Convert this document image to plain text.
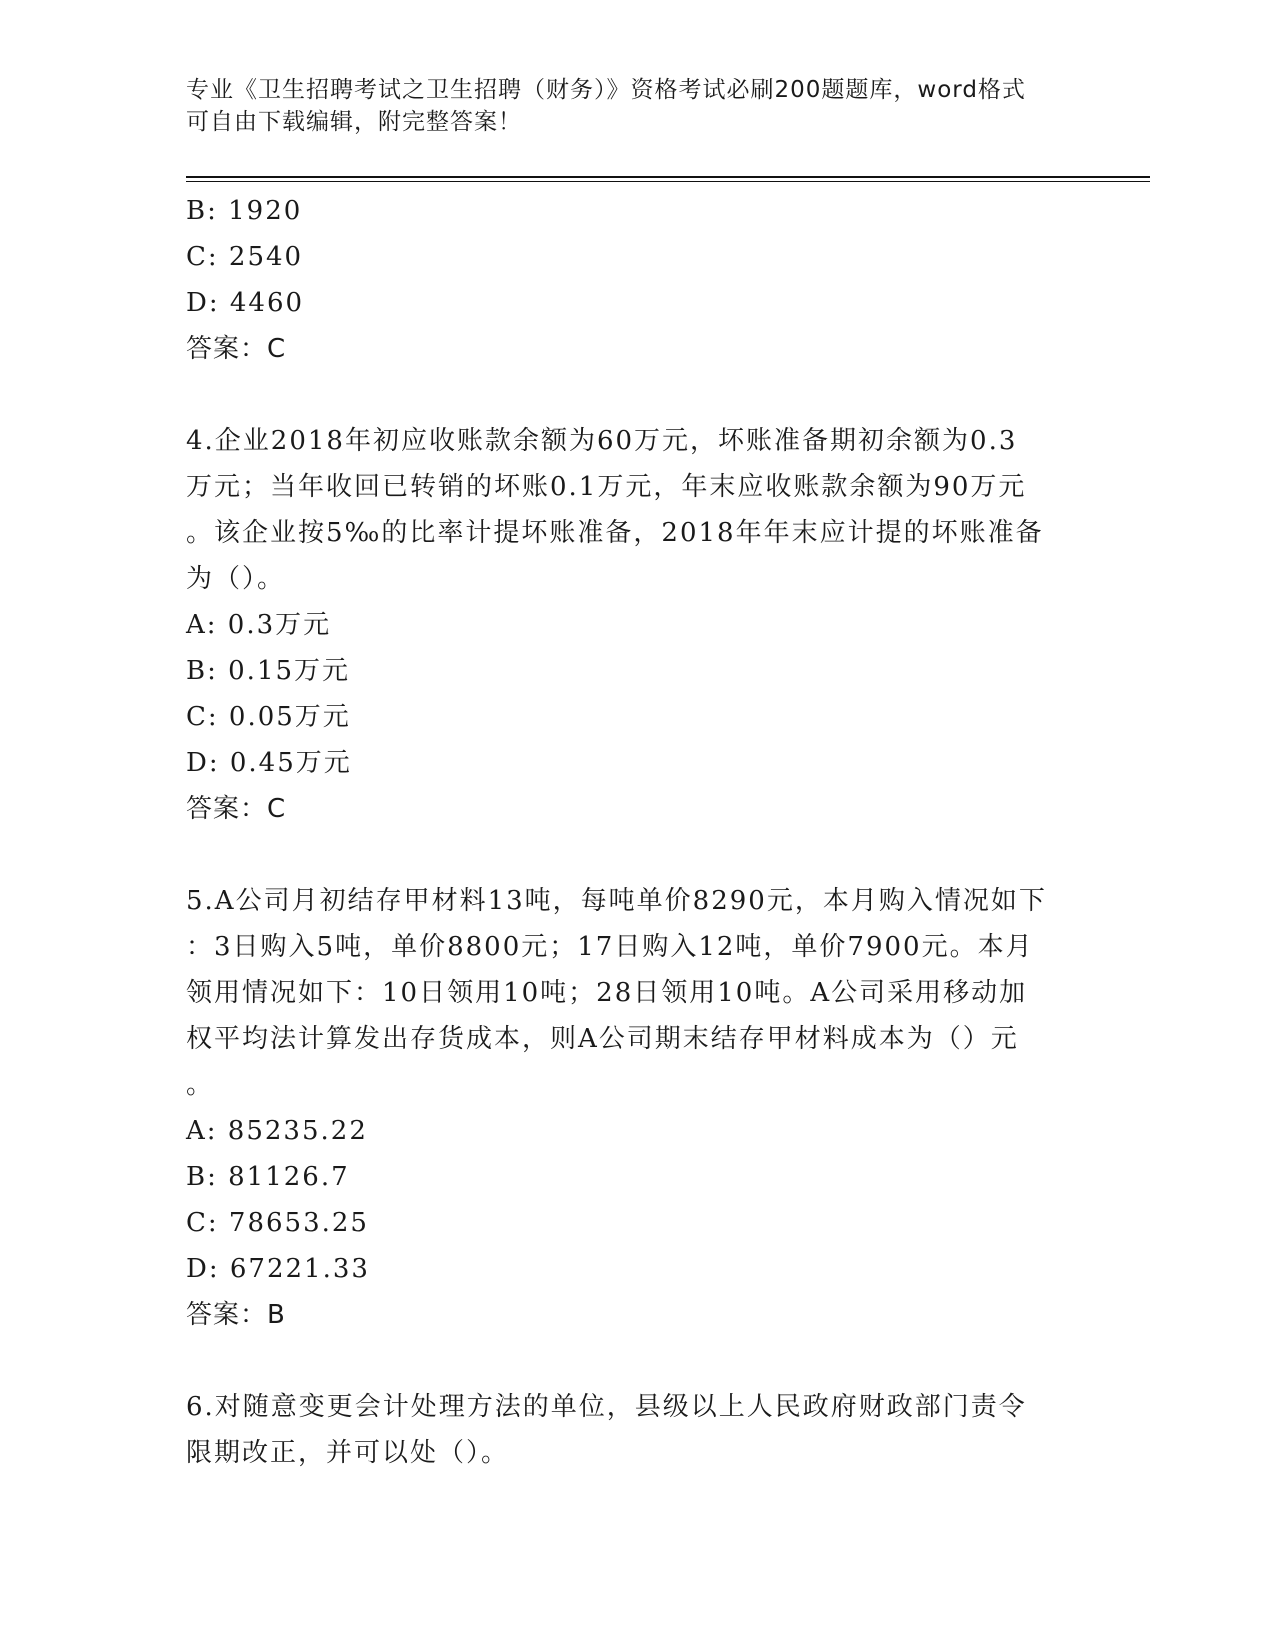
专业《卫生招聘考试之卫生招聘（财务）》资格考试必刷200题题库，word格式
可自由下载编辑，附完整答案！
B: 1920
C: 2540
D: 4460
答案：C
4.企业2018年初应收账款余额为60万元，坏账准备期初余额为0.3
万元；当年收回已转销的坏账0.1万元，年末应收账款余额为90万元
。该企业按5‰的比率计提坏账准备，2018年年末应计提的坏账准备
为（）。
A: 0.3万元
B: 0.15万元
C: 0.05万元
D: 0.45万元
答案：C
5.A公司月初结存甲材料13吨，每吨单价8290元，本月购入情况如下
：3日购入5吨，单价8800元；17日购入12吨，单价7900元。本月
领用情况如下：10日领用10吨；28日领用10吨。A公司采用移动加
权平均法计算发出存货成本，则A公司期末结存甲材料成本为（）元
。
A: 85235.22
B: 81126.7
C: 78653.25
D: 67221.33
答案：B
6.对随意变更会计处理方法的单位，县级以上人民政府财政部门责令
限期改正，并可以处（）。
